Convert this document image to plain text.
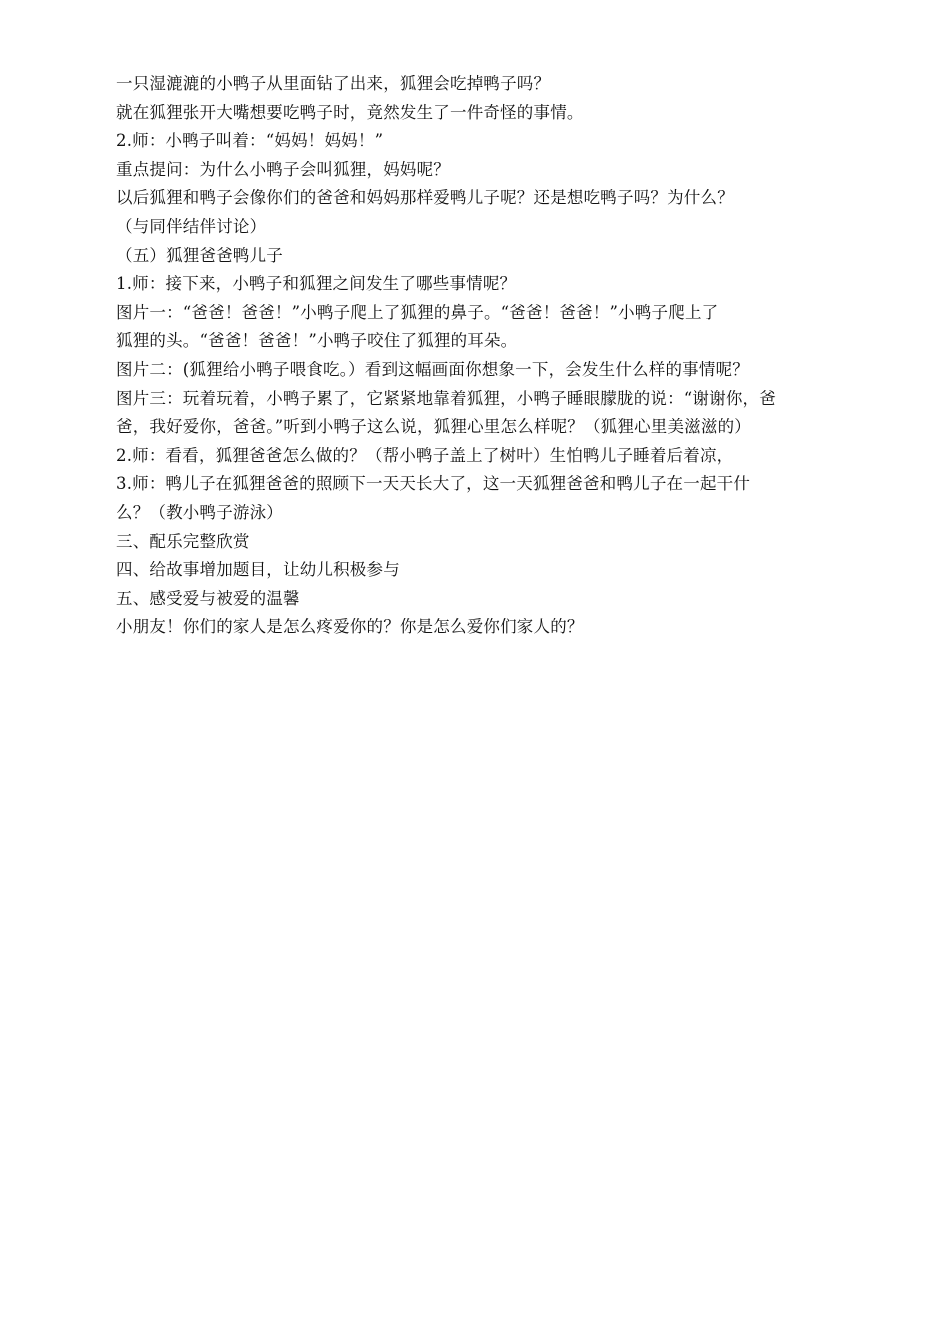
一只湿漉漉的小鸭子从里面钻了出来，狐狸会吃掉鸭子吗？
就在狐狸张开大嘴想要吃鸭子时，竟然发生了一件奇怪的事情。
2.师：小鸭子叫着：“妈妈！妈妈！”
重点提问：为什么小鸭子会叫狐狸，妈妈呢？
以后狐狸和鸭子会像你们的爸爸和妈妈那样爱鸭儿子呢？还是想吃鸭子吗？为什么？
（与同伴结伴讨论）
（五）狐狸爸爸鸭儿子
1.师：接下来，小鸭子和狐狸之间发生了哪些事情呢？
图片一：“爸爸！爸爸！”小鸭子爬上了狐狸的鼻子。“爸爸！爸爸！”小鸭子爬上了
狐狸的头。“爸爸！爸爸！”小鸭子咬住了狐狸的耳朵。
图片二：(狐狸给小鸭子喂食吃。）看到这幅画面你想象一下，会发生什么样的事情呢？
图片三：玩着玩着，小鸭子累了，它紧紧地靠着狐狸，小鸭子睡眼朦胧的说：“谢谢你，爸
爸，我好爱你，爸爸。”听到小鸭子这么说，狐狸心里怎么样呢？（狐狸心里美滋滋的）
2.师：看看，狐狸爸爸怎么做的？（帮小鸭子盖上了树叶）生怕鸭儿子睡着后着凉，
3.师：鸭儿子在狐狸爸爸的照顾下一天天长大了，这一天狐狸爸爸和鸭儿子在一起干什
么？（教小鸭子游泳）
三、配乐完整欣赏
四、给故事增加题目，让幼儿积极参与
五、感受爱与被爱的温馨
小朋友！你们的家人是怎么疼爱你的？你是怎么爱你们家人的？
